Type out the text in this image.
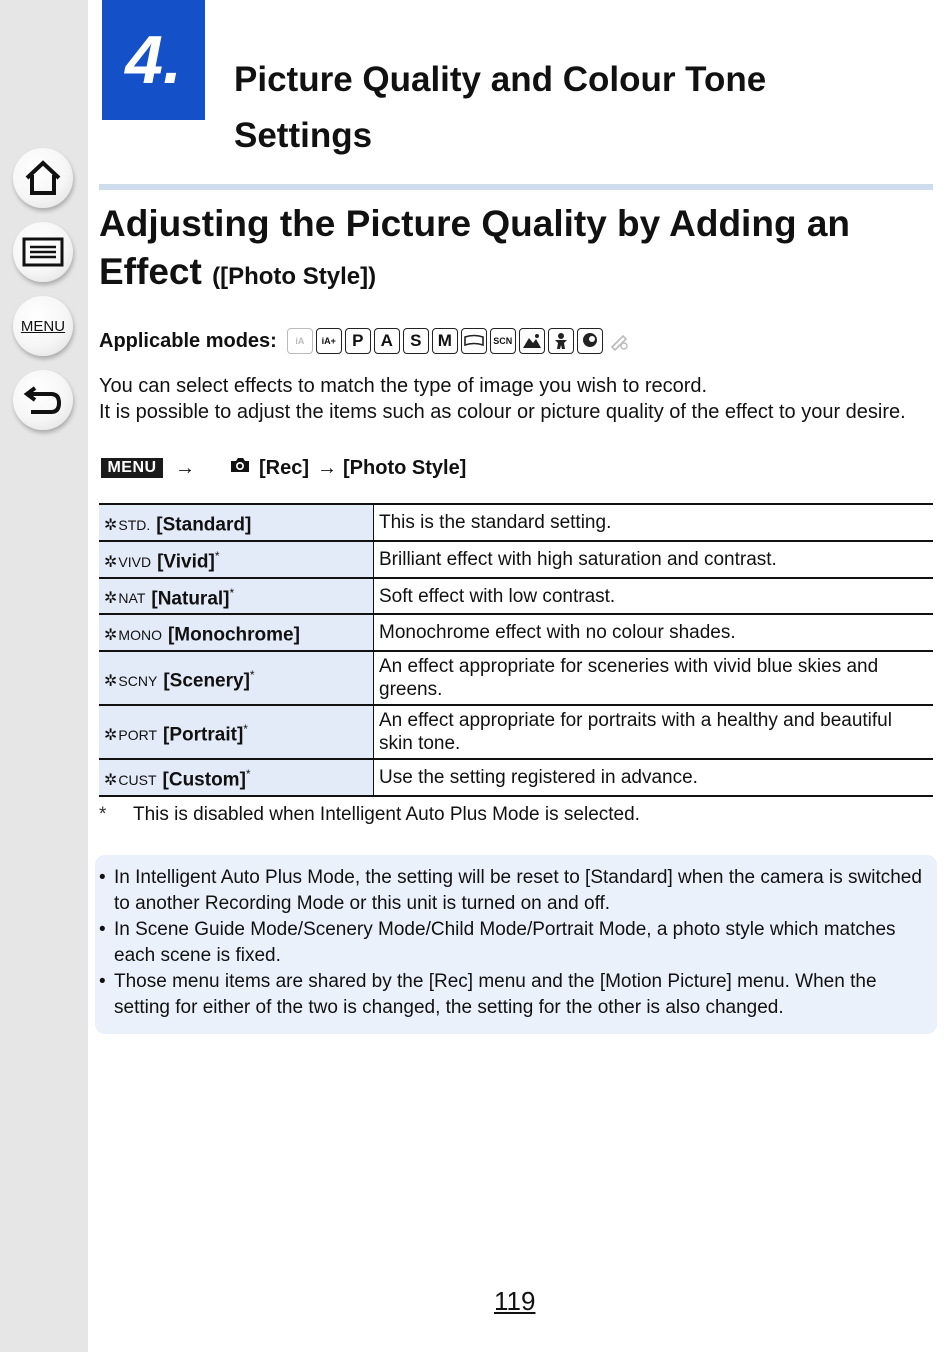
MENU
4.	Picture Quality and Colour Tone
Settings
Adjusting the Picture Quality by Adding an
Effect ([Photo Style])
Applicable modes:	iA	iA+ P	A	S M	SCN
You can select effects to match the type of image you wish to record.
It is possible to adjust the items such as colour or picture quality of the effect to your desire.
MENU →	[Rec] → [Photo Style]
✲STD. [Standard]	This is the standard setting.
✲VIVD [Vivid]*	Brilliant effect with high saturation and contrast.
✲NAT [Natural]*	Soft effect with low contrast.
✲MONO [Monochrome]	Monochrome effect with no colour shades.
✲SCNY [Scenery]*	An effect appropriate for sceneries with vivid blue skies and greens.
✲PORT [Portrait]*	An effect appropriate for portraits with a healthy and beautiful skin tone.
✲CUST [Custom]*	Use the setting registered in advance.
*	This is disabled when Intelligent Auto Plus Mode is selected.
• In Intelligent Auto Plus Mode, the setting will be reset to [Standard] when the camera is switched to another Recording Mode or this unit is turned on and off.
• In Scene Guide Mode/Scenery Mode/Child Mode/Portrait Mode, a photo style which matches each scene is fixed.
• Those menu items are shared by the [Rec] menu and the [Motion Picture] menu. When the setting for either of the two is changed, the setting for the other is also changed.
119
